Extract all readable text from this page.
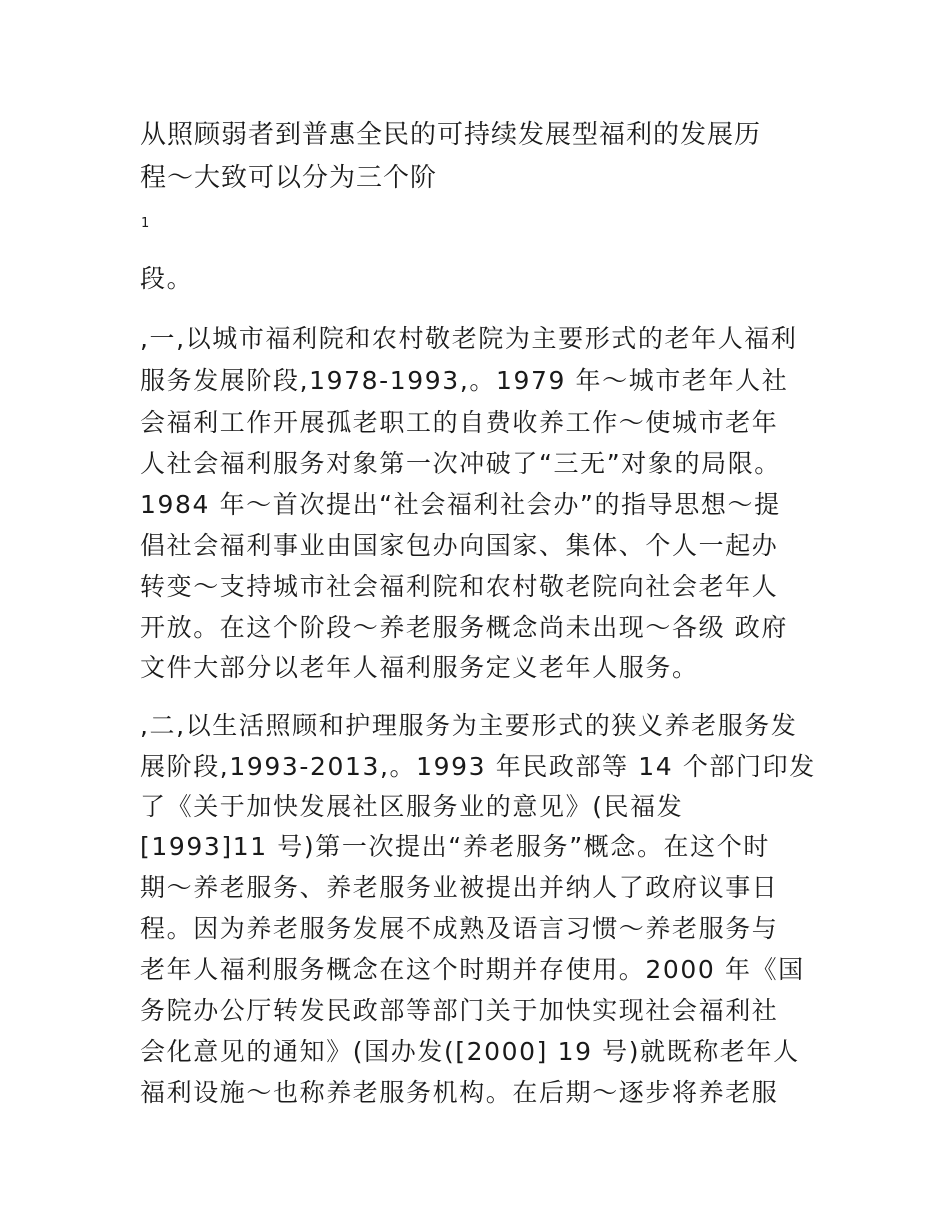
从照顾弱者到普惠全民的可持续发展型福利的发展历
程～大致可以分为三个阶
1
段。
,一,以城市福利院和农村敬老院为主要形式的老年人福利
服务发展阶段,1978-1993,。1979 年～城市老年人社
会福利工作开展孤老职工的自费收养工作～使城市老年
人社会福利服务对象第一次冲破了“三无”对象的局限。
1984 年～首次提出“社会福利社会办”的指导思想～提
倡社会福利事业由国家包办向国家、集体、个人一起办
转变～支持城市社会福利院和农村敬老院向社会老年人
开放。在这个阶段～养老服务概念尚未出现～各级 政府
文件大部分以老年人福利服务定义老年人服务。
,二,以生活照顾和护理服务为主要形式的狭义养老服务发
展阶段,1993-2013,。1993 年民政部等 14 个部门印发
了《关于加快发展社区服务业的意见》(民福发
[1993]11 号)第一次提出“养老服务”概念。在这个时
期～养老服务、养老服务业被提出并纳人了政府议事日
程。因为养老服务发展不成熟及语言习惯～养老服务与
老年人福利服务概念在这个时期并存使用。2000 年《国
务院办公厅转发民政部等部门关于加快实现社会福利社
会化意见的通知》(国办发([2000] 19 号)就既称老年人
福利设施～也称养老服务机构。在后期～逐步将养老服
